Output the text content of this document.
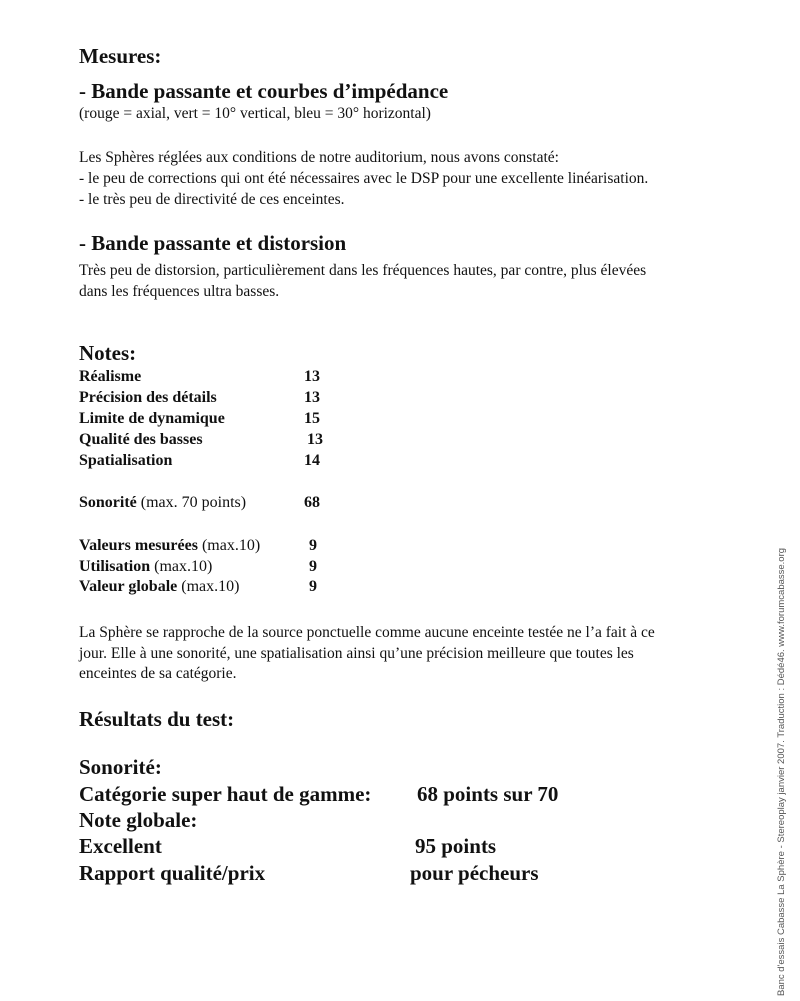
Mesures:
- Bande passante et courbes d’impédance
(rouge = axial, vert = 10° vertical, bleu = 30° horizontal)
Les Sphères réglées aux conditions de notre auditorium, nous avons constaté:
- le peu de corrections qui ont été nécessaires avec le DSP pour une excellente linéarisation.
- le très peu de directivité de ces enceintes.
- Bande passante et distorsion
Très peu de distorsion, particulièrement dans les fréquences hautes, par contre, plus élevées
dans les fréquences ultra basses.
Notes:
Réalisme	13
Précision des détails	13
Limite de dynamique	15
Qualité des basses	13
Spatialisation	14
Sonorité (max. 70 points)	68
Valeurs mesurées (max.10)	9
Utilisation (max.10)	9
Valeur globale (max.10)	9
La Sphère se rapproche de la source ponctuelle comme aucune enceinte testée ne l’a fait à ce
jour. Elle à une sonorité, une spatialisation ainsi qu’une précision meilleure que toutes les
enceintes de sa catégorie.
Résultats du test:
Sonorité:
Catégorie super haut de gamme: 68 points sur 70
Note globale:
Excellent	95 points
Rapport qualité/prix	pour pécheurs	Banc d'essais Cabasse La Sphère - Stereoplay janvier 2007. Traduction : Dédé46. www.forumcabasse.org
